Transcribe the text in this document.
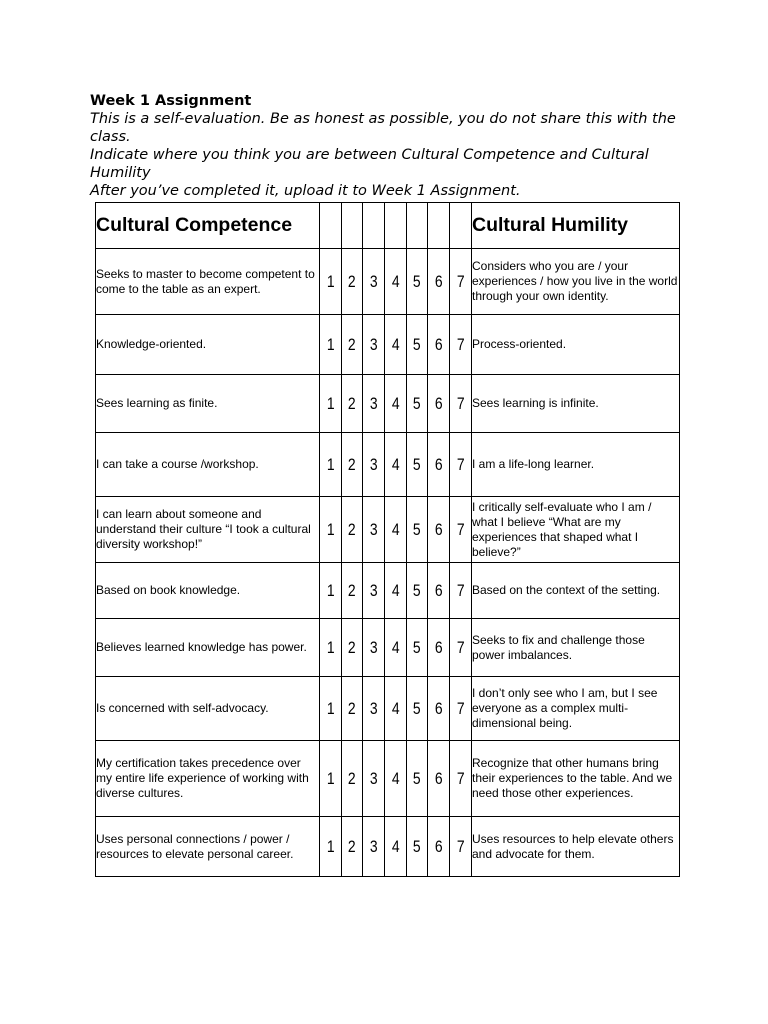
Week 1 Assignment
This is a self-evaluation. Be as honest as possible, you do not share this with the class.
Indicate where you think you are between Cultural Competence and Cultural Humility
After you’ve completed it, upload it to Week 1 Assignment.
Cultural Competence								Cultural Humility
Seeks to master to become competent to come to the table as an expert.	1	2	3	4	5	6	7	Considers who you are / your experiences / how you live in the world through your own identity.
Knowledge-oriented.	1	2	3	4	5	6	7	Process-oriented.
Sees learning as finite.	1	2	3	4	5	6	7	Sees learning is infinite.
I can take a course /workshop.	1	2	3	4	5	6	7	I am a life-long learner.
I can learn about someone and understand their culture “I took a cultural diversity workshop!”	1	2	3	4	5	6	7	I critically self-evaluate who I am / what I believe “What are my experiences that shaped what I believe?”
Based on book knowledge.	1	2	3	4	5	6	7	Based on the context of the setting.
Believes learned knowledge has power.	1	2	3	4	5	6	7	Seeks to fix and challenge those power imbalances.
Is concerned with self-advocacy.	1	2	3	4	5	6	7	I don’t only see who I am, but I see everyone as a complex multi-dimensional being.
My certification takes precedence over my entire life experience of working with diverse cultures.	1	2	3	4	5	6	7	Recognize that other humans bring their experiences to the table. And we need those other experiences.
Uses personal connections / power / resources to elevate personal career.	1	2	3	4	5	6	7	Uses resources to help elevate others and advocate for them.
